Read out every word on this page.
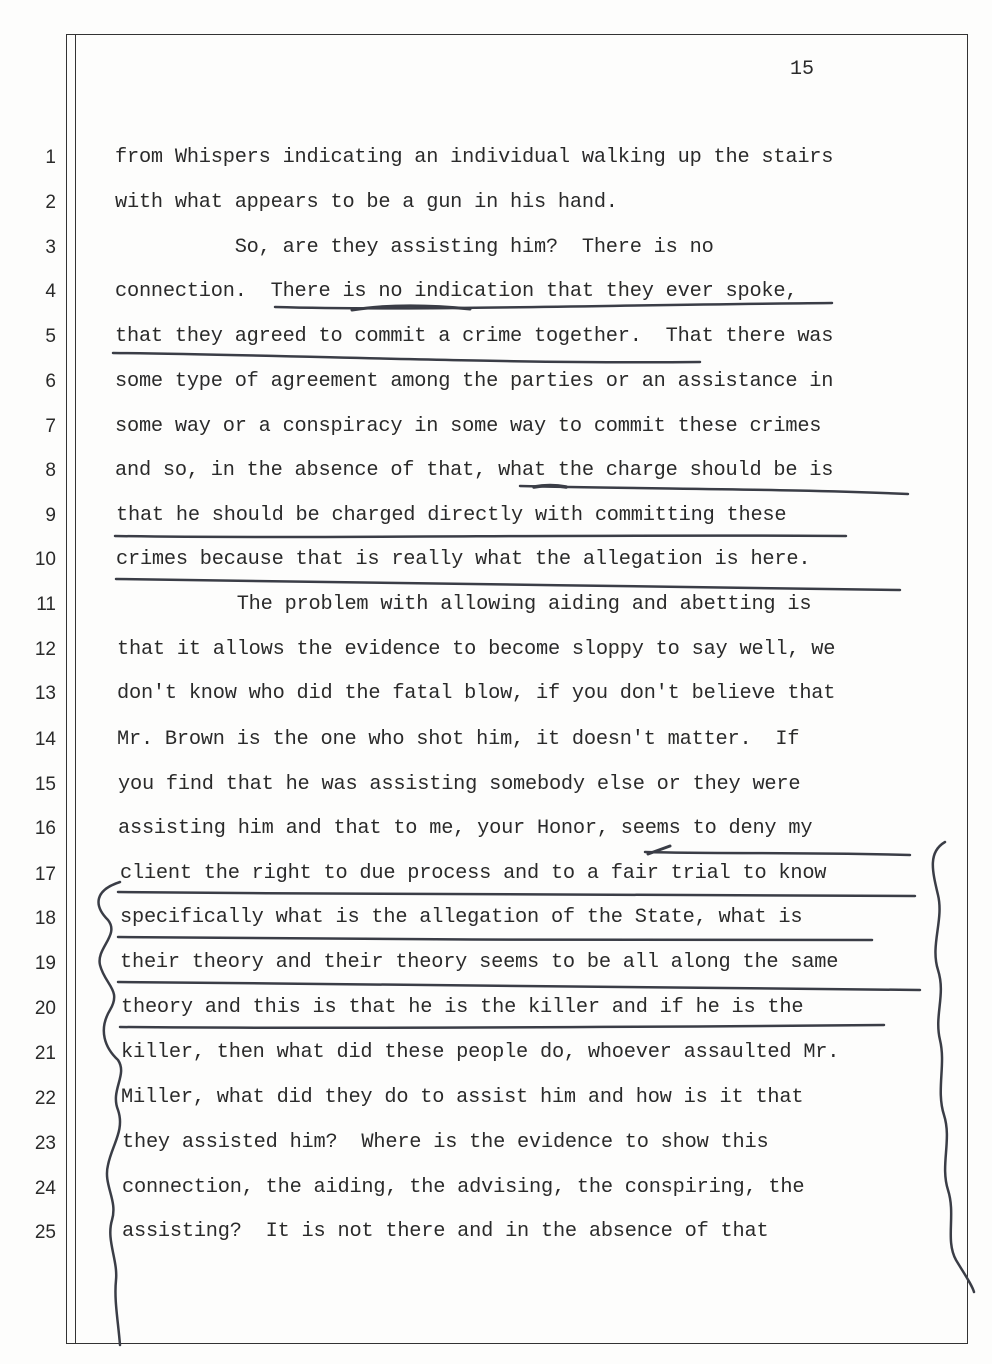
15
1
2
3
4
5
6
7
8
9
10
11
12
13
14
15
16
17
18
19
20
21
22
23
24
25
from Whispers indicating an individual walking up the stairs
with what appears to be a gun in his hand.
So, are they assisting him?  There is no
connection.  There is no indication that they ever spoke,
that they agreed to commit a crime together.  That there was
some type of agreement among the parties or an assistance in
some way or a conspiracy in some way to commit these crimes
and so, in the absence of that, what the charge should be is
that he should be charged directly with committing these
crimes because that is really what the allegation is here.
The problem with allowing aiding and abetting is
that it allows the evidence to become sloppy to say well, we
don't know who did the fatal blow, if you don't believe that
Mr. Brown is the one who shot him, it doesn't matter.  If
you find that he was assisting somebody else or they were
assisting him and that to me, your Honor, seems to deny my
client the right to due process and to a fair trial to know
specifically what is the allegation of the State, what is
their theory and their theory seems to be all along the same
theory and this is that he is the killer and if he is the
killer, then what did these people do, whoever assaulted Mr.
Miller, what did they do to assist him and how is it that
they assisted him?  Where is the evidence to show this
connection, the aiding, the advising, the conspiring, the
assisting?  It is not there and in the absence of that
